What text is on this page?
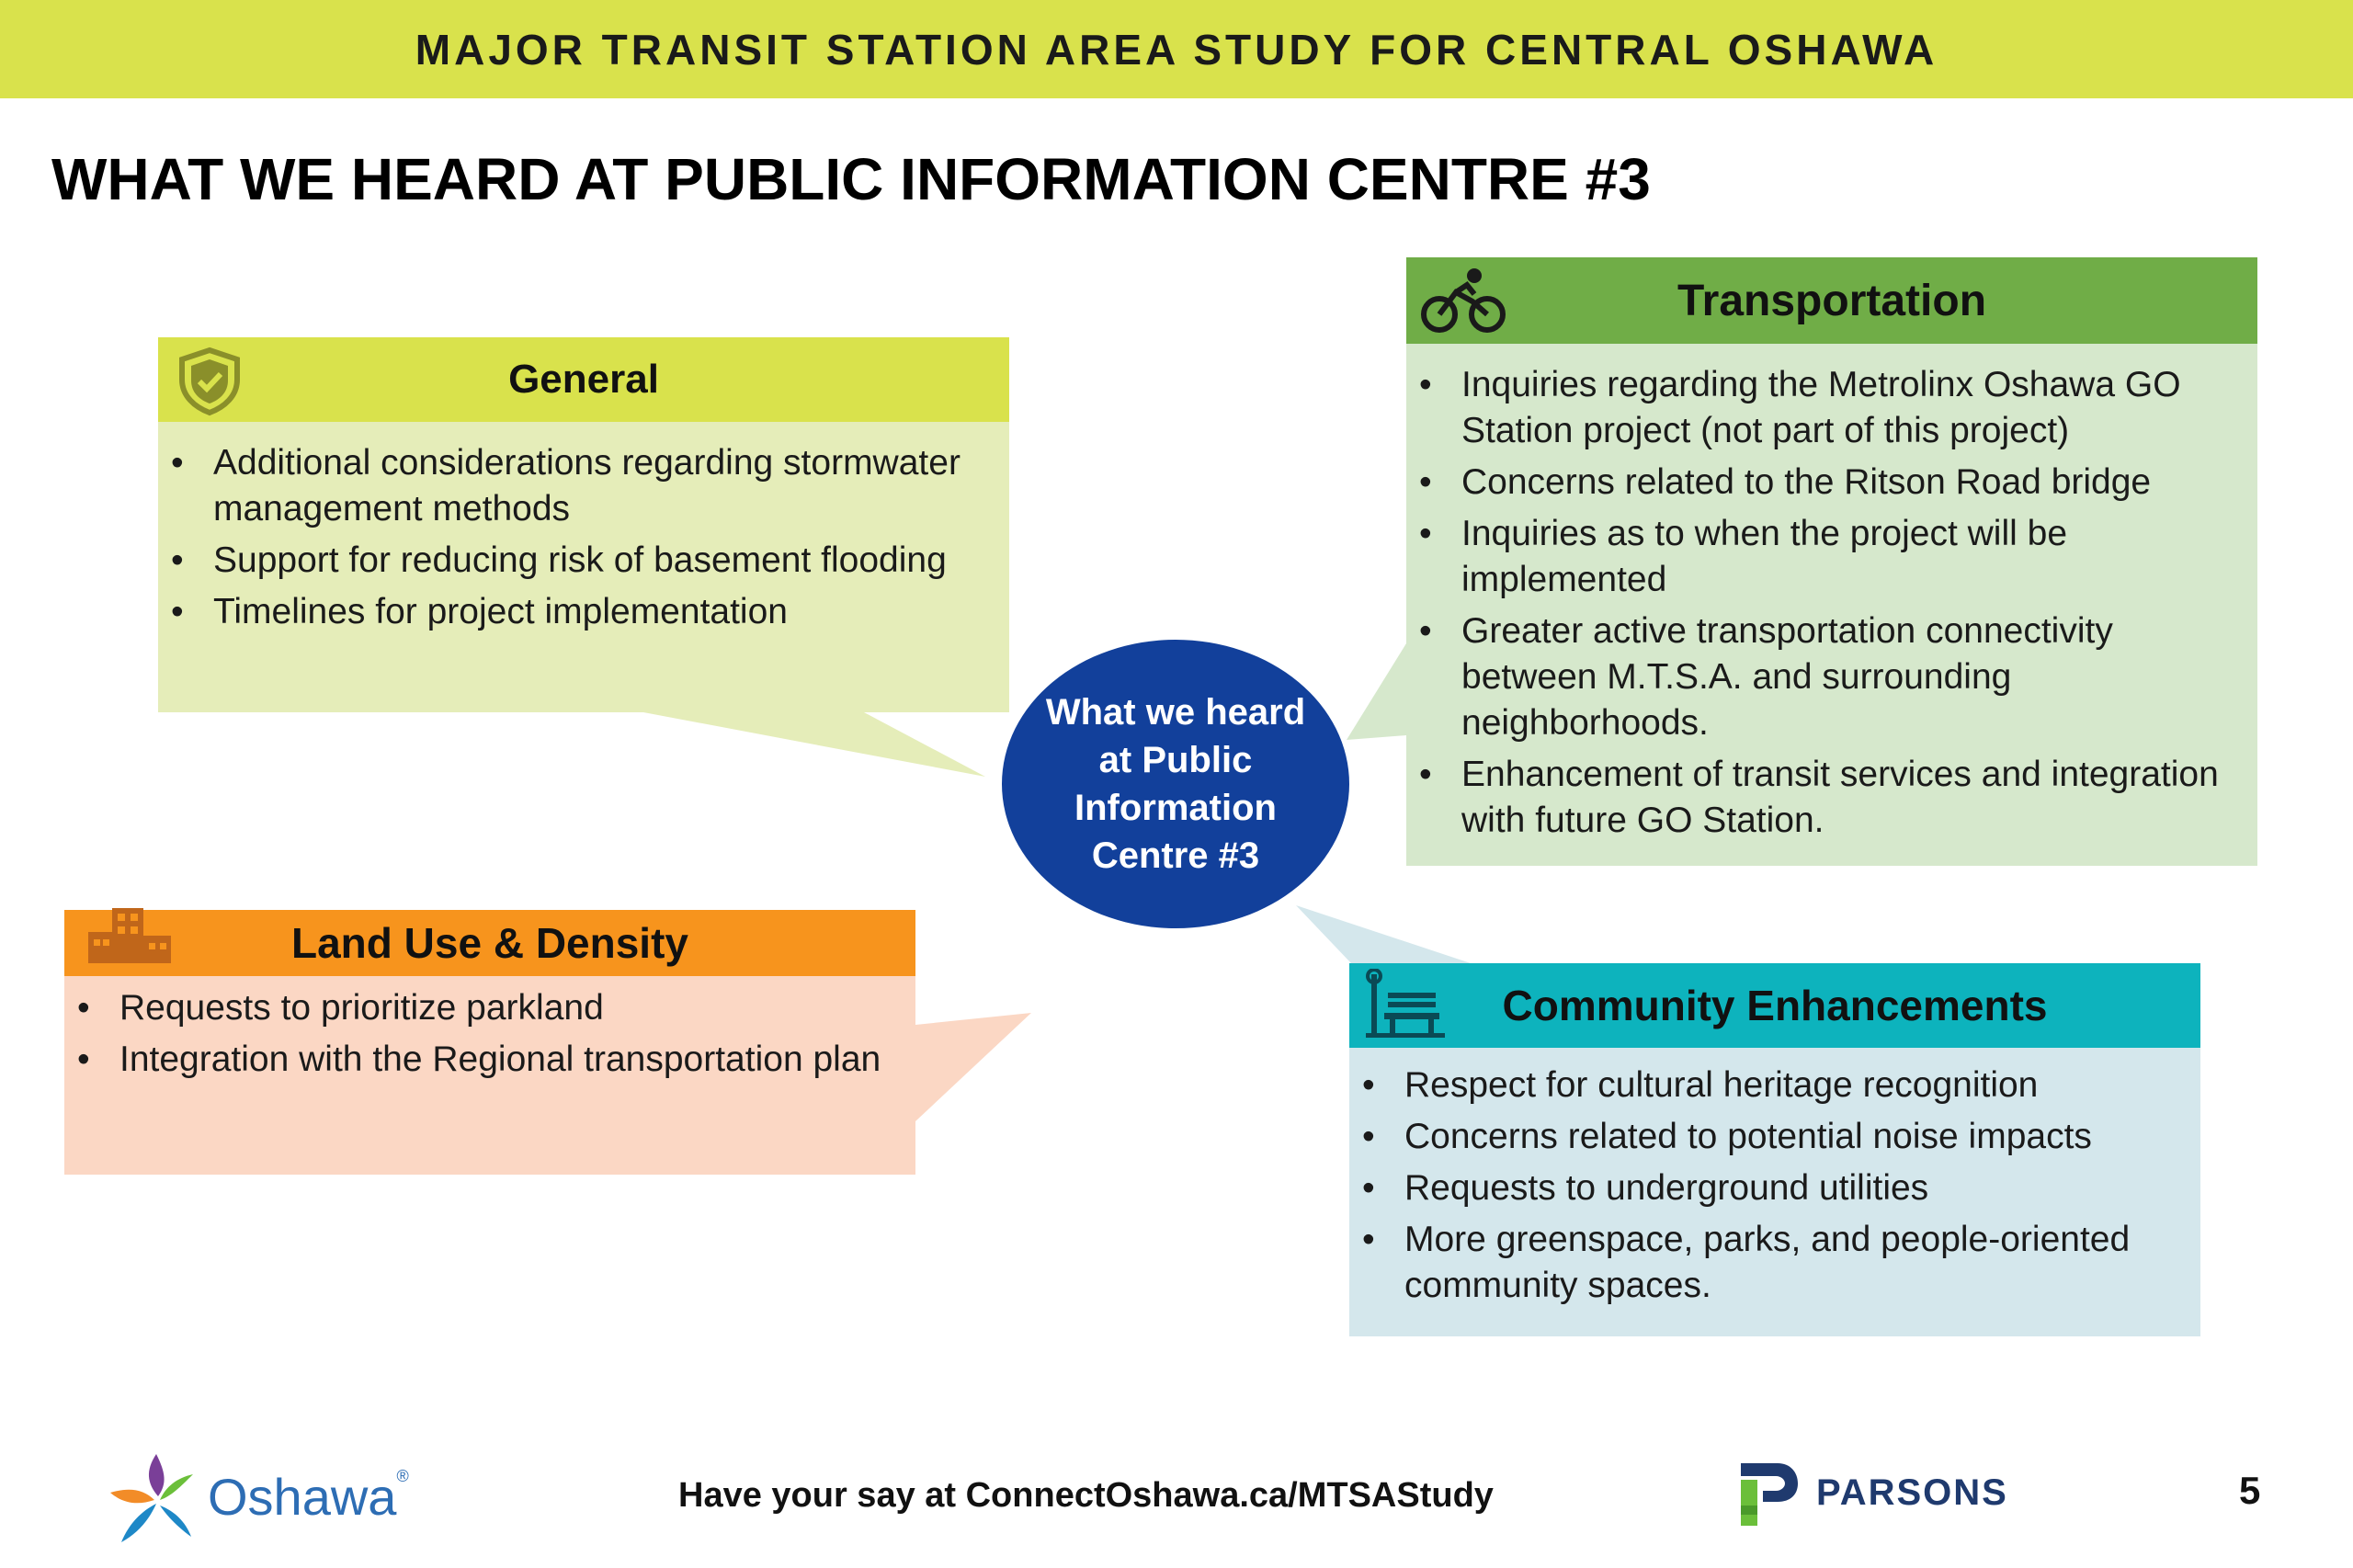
MAJOR TRANSIT STATION AREA STUDY FOR CENTRAL OSHAWA
WHAT WE HEARD AT PUBLIC INFORMATION CENTRE #3
General
• Additional considerations regarding stormwater management methods
• Support for reducing risk of basement flooding
• Timelines for project implementation
Transportation
• Inquiries regarding the Metrolinx Oshawa GO Station project (not part of this project)
• Concerns related to the Ritson Road bridge
• Inquiries as to when the project will be implemented
• Greater active transportation connectivity between M.T.S.A. and surrounding neighborhoods.
• Enhancement of transit services and integration with future GO Station.
Land Use & Density
• Requests to prioritize parkland
• Integration with the Regional transportation plan
Community Enhancements
• Respect for cultural heritage recognition
• Concerns related to potential noise impacts
• Requests to underground utilities
• More greenspace, parks, and people-oriented community spaces.
What we heard at Public Information Centre #3
Oshawa®	Have your say at ConnectOshawa.ca/MTSAStudy	PARSONS	5
